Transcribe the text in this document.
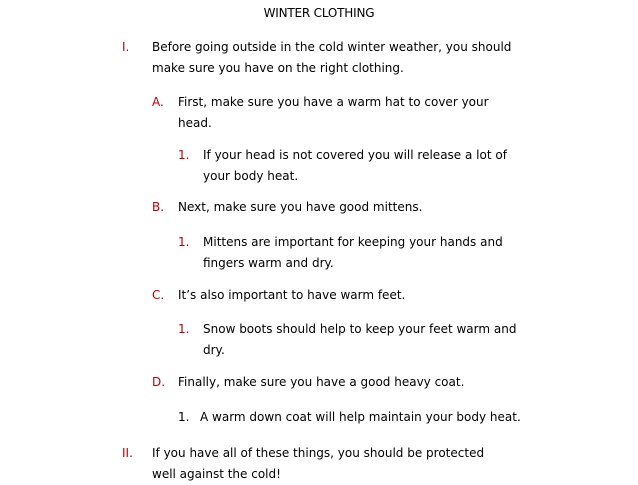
WINTER CLOTHING
I. Before going outside in the cold winter weather, you should
make sure you have on the right clothing.
A. First, make sure you have a warm hat to cover your
head.
1. If your head is not covered you will release a lot of
your body heat.
B. Next, make sure you have good mittens.
1. Mittens are important for keeping your hands and
fingers warm and dry.
C. It’s also important to have warm feet.
1. Snow boots should help to keep your feet warm and
dry.
D. Finally, make sure you have a good heavy coat.
1. A warm down coat will help maintain your body heat.
II. If you have all of these things, you should be protected
well against the cold!
